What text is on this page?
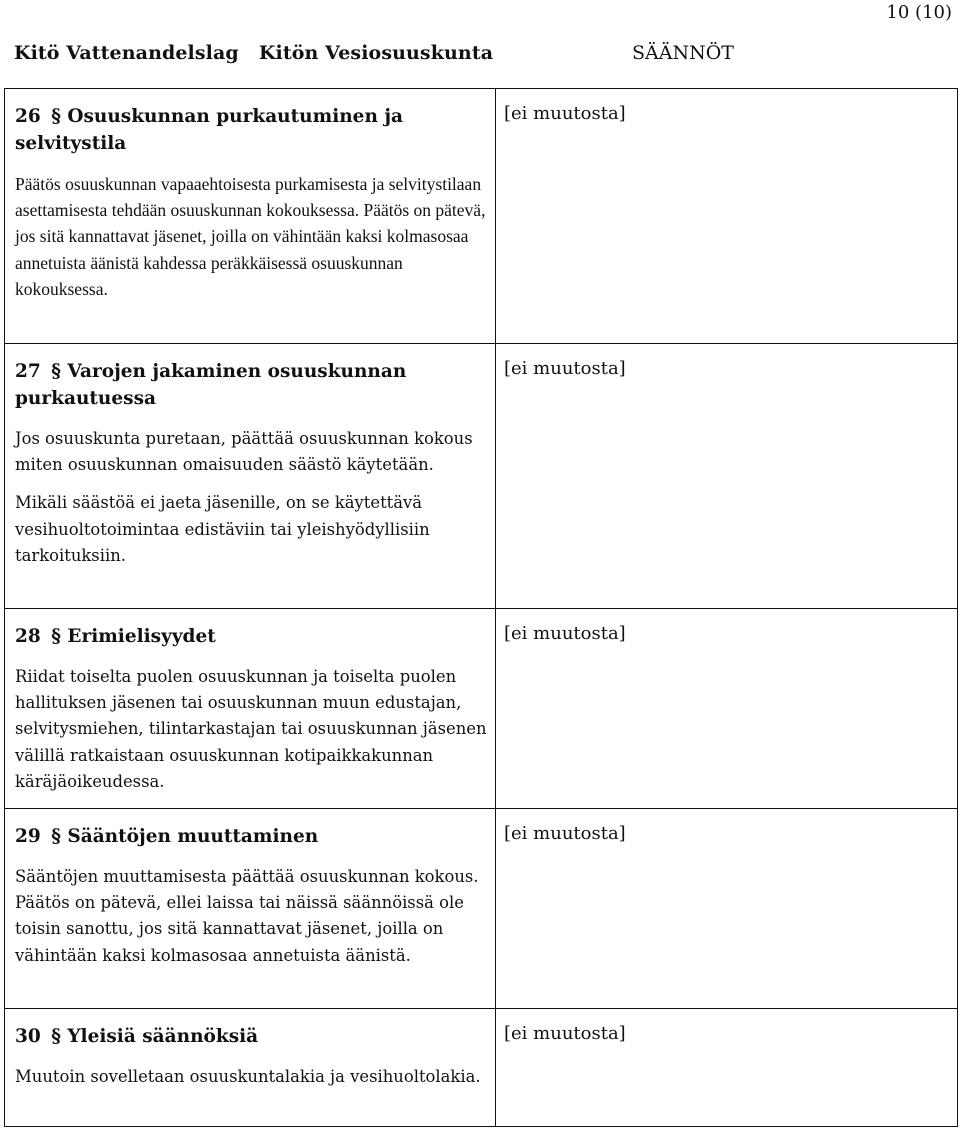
10 (10)
Kitö Vattenandelslag   Kitön Vesiosuuskunta	SÄÄNNÖT
26 § Osuuskunnan purkautuminen ja selvitystila

Päätös osuuskunnan vapaaehtoisesta purkamisesta ja selvitystilaan asettamisesta tehdään osuuskunnan kokouksessa. Päätös on pätevä, jos sitä kannattavat jäsenet, joilla on vähintään kaksi kolmasosaa annetuista äänistä kahdessa peräkkäisessä osuuskunnan kokouksessa.	[ei muutosta]

27 § Varojen jakaminen osuuskunnan purkautuessa

Jos osuuskunta puretaan, päättää osuuskunnan kokous miten osuuskunnan omaisuuden säästö käytetään.

Mikäli säästöä ei jaeta jäsenille, on se käytettävä vesihuoltotoimintaa edistäviin tai yleishyödyllisiin tarkoituksiin.	[ei muutosta]

28 § Erimielisyydet

Riidat toiselta puolen osuuskunnan ja toiselta puolen hallituksen jäsenen tai osuuskunnan muun edustajan, selvitysmiehen, tilintarkastajan tai osuuskunnan jäsenen välillä ratkaistaan osuuskunnan kotipaikkakunnan käräjäoikeudessa.	[ei muutosta]

29 § Sääntöjen muuttaminen

Sääntöjen muuttamisesta päättää osuuskunnan kokous. Päätös on pätevä, ellei laissa tai näissä säännöissä ole toisin sanottu, jos sitä kannattavat jäsenet, joilla on vähintään kaksi kolmasosaa annetuista äänistä.	[ei muutosta]

30 § Yleisiä säännöksiä

Muutoin sovelletaan osuuskuntalakia ja vesihuoltolakia.	[ei muutosta]
